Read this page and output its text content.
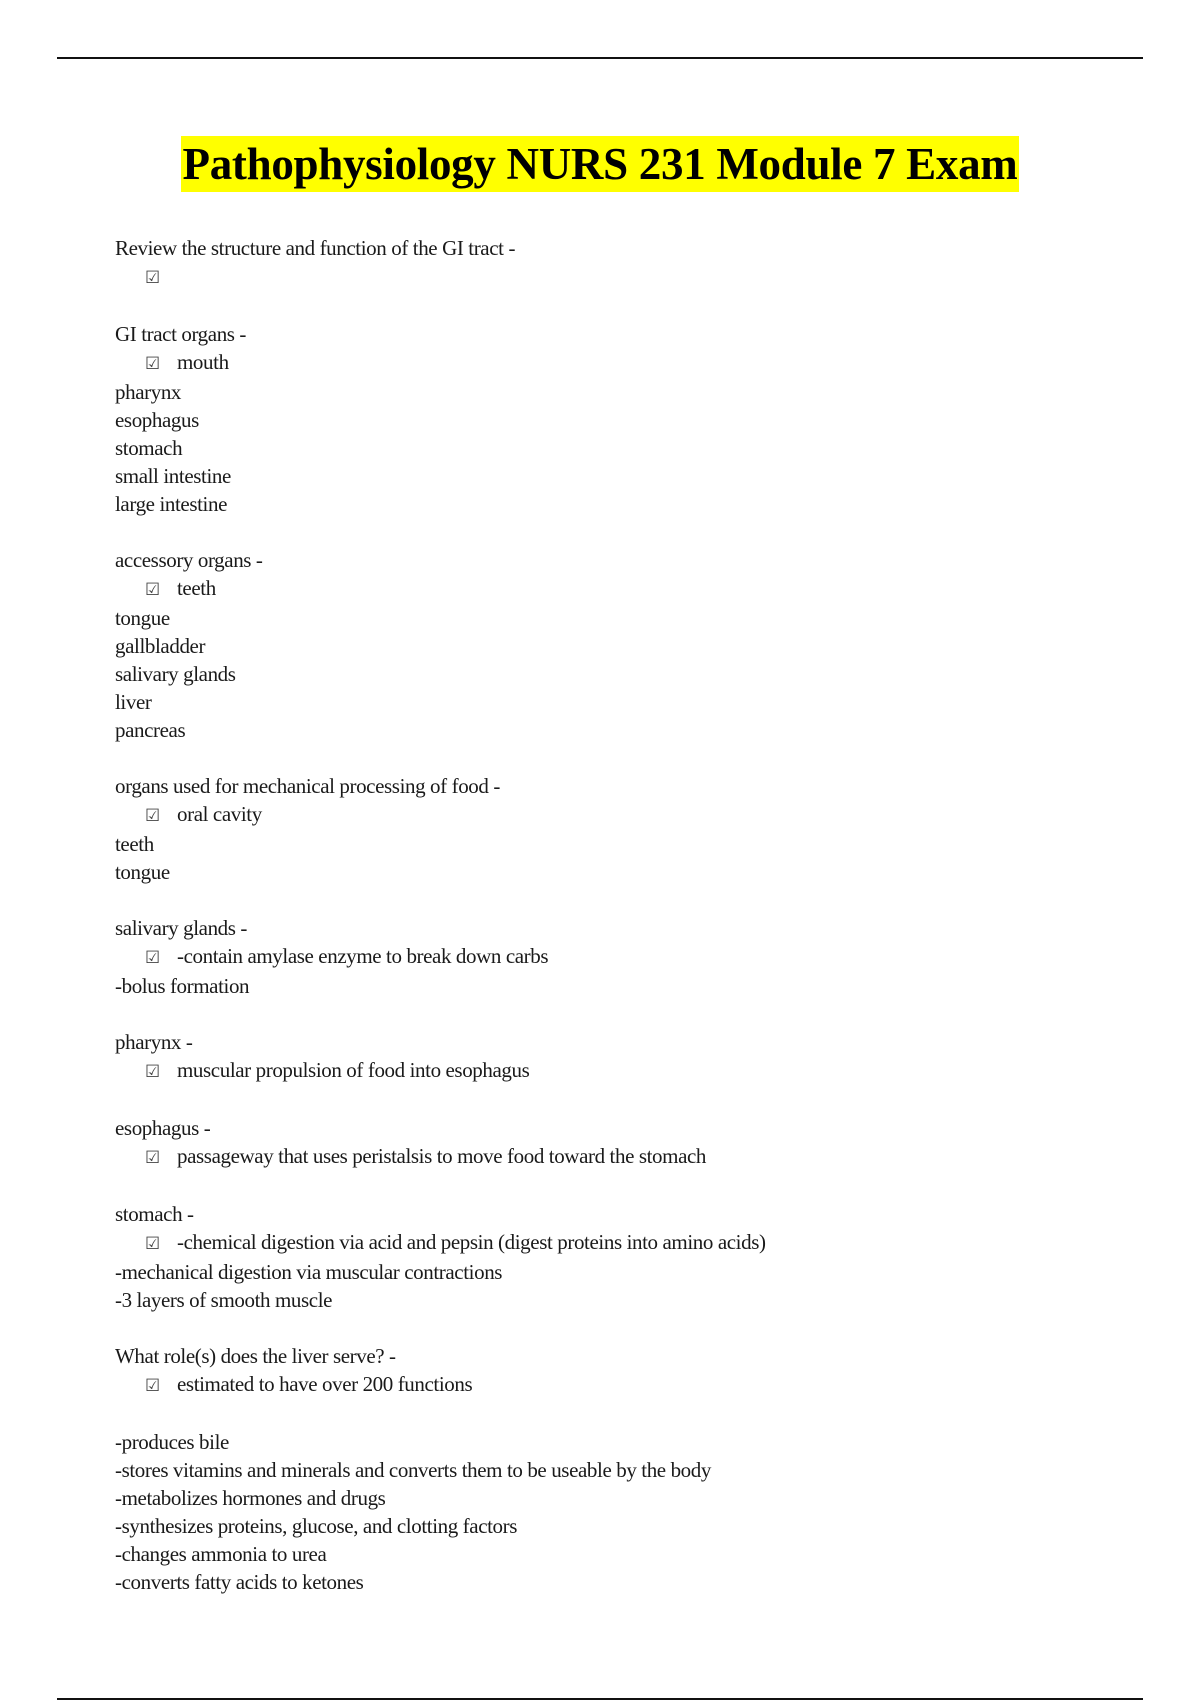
Pathophysiology NURS 231 Module 7 Exam
Review the structure and function of the GI tract -
☑
GI tract organs -
☑ mouth
pharynx
esophagus
stomach
small intestine
large intestine
accessory organs -
☑ teeth
tongue
gallbladder
salivary glands
liver
pancreas
organs used for mechanical processing of food -
☑ oral cavity
teeth
tongue
salivary glands -
☑ -contain amylase enzyme to break down carbs
-bolus formation
pharynx -
☑ muscular propulsion of food into esophagus
esophagus -
☑ passageway that uses peristalsis to move food toward the stomach
stomach -
☑ -chemical digestion via acid and pepsin (digest proteins into amino acids)
-mechanical digestion via muscular contractions
-3 layers of smooth muscle
What role(s) does the liver serve? -
☑ estimated to have over 200 functions
-produces bile
-stores vitamins and minerals and converts them to be useable by the body
-metabolizes hormones and drugs
-synthesizes proteins, glucose, and clotting factors
-changes ammonia to urea
-converts fatty acids to ketones
